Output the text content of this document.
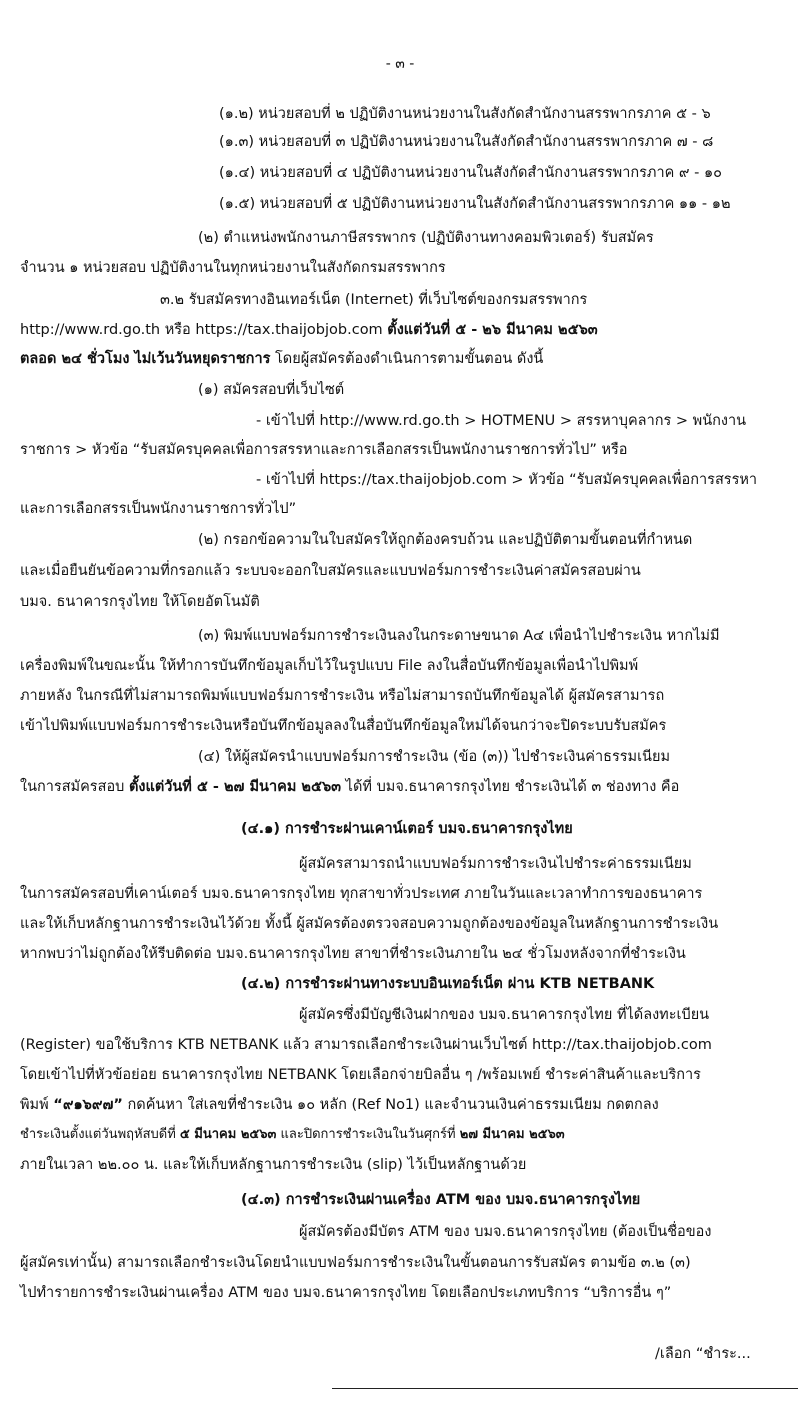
- ๓ -
(๑.๒) หน่วยสอบที่ ๒ ปฏิบัติงานหน่วยงานในสังกัดสำนักงานสรรพากรภาค ๕ - ๖
(๑.๓) หน่วยสอบที่ ๓ ปฏิบัติงานหน่วยงานในสังกัดสำนักงานสรรพากรภาค ๗ - ๘
(๑.๔) หน่วยสอบที่ ๔ ปฏิบัติงานหน่วยงานในสังกัดสำนักงานสรรพากรภาค ๙ - ๑๐
(๑.๕) หน่วยสอบที่ ๕ ปฏิบัติงานหน่วยงานในสังกัดสำนักงานสรรพากรภาค ๑๑ - ๑๒
(๒) ตำแหน่งพนักงานภาษีสรรพากร (ปฏิบัติงานทางคอมพิวเตอร์) รับสมัคร
จำนวน ๑ หน่วยสอบ ปฏิบัติงานในทุกหน่วยงานในสังกัดกรมสรรพากร
๓.๒ รับสมัครทางอินเทอร์เน็ต (Internet) ที่เว็บไซต์ของกรมสรรพากร
http://www.rd.go.th หรือ https://tax.thaijobjob.com ตั้งแต่วันที่ ๕ - ๒๖ มีนาคม ๒๕๖๓
ตลอด ๒๔ ชั่วโมง ไม่เว้นวันหยุดราชการ โดยผู้สมัครต้องดำเนินการตามขั้นตอน ดังนี้
(๑) สมัครสอบที่เว็บไซต์
- เข้าไปที่ http://www.rd.go.th > HOTMENU > สรรหาบุคลากร > พนักงาน
ราชการ > หัวข้อ “รับสมัครบุคคลเพื่อการสรรหาและการเลือกสรรเป็นพนักงานราชการทั่วไป” หรือ
- เข้าไปที่ https://tax.thaijobjob.com > หัวข้อ “รับสมัครบุคคลเพื่อการสรรหา
และการเลือกสรรเป็นพนักงานราชการทั่วไป”
(๒) กรอกข้อความในใบสมัครให้ถูกต้องครบถ้วน และปฏิบัติตามขั้นตอนที่กำหนด
และเมื่อยืนยันข้อความที่กรอกแล้ว ระบบจะออกใบสมัครและแบบฟอร์มการชำระเงินค่าสมัครสอบผ่าน
บมจ. ธนาคารกรุงไทย ให้โดยอัตโนมัติ
(๓) พิมพ์แบบฟอร์มการชำระเงินลงในกระดาษขนาด A๔ เพื่อนำไปชำระเงิน หากไม่มี
เครื่องพิมพ์ในขณะนั้น ให้ทำการบันทึกข้อมูลเก็บไว้ในรูปแบบ File ลงในสื่อบันทึกข้อมูลเพื่อนำไปพิมพ์
ภายหลัง ในกรณีที่ไม่สามารถพิมพ์แบบฟอร์มการชำระเงิน หรือไม่สามารถบันทึกข้อมูลได้ ผู้สมัครสามารถ
เข้าไปพิมพ์แบบฟอร์มการชำระเงินหรือบันทึกข้อมูลลงในสื่อบันทึกข้อมูลใหม่ได้จนกว่าจะปิดระบบรับสมัคร
(๔) ให้ผู้สมัครนำแบบฟอร์มการชำระเงิน (ข้อ (๓)) ไปชำระเงินค่าธรรมเนียม
ในการสมัครสอบ ตั้งแต่วันที่ ๕ - ๒๗ มีนาคม ๒๕๖๓ ได้ที่ บมจ.ธนาคารกรุงไทย ชำระเงินได้ ๓ ช่องทาง คือ
(๔.๑) การชำระผ่านเคาน์เตอร์ บมจ.ธนาคารกรุงไทย
ผู้สมัครสามารถนำแบบฟอร์มการชำระเงินไปชำระค่าธรรมเนียม
ในการสมัครสอบที่เคาน์เตอร์ บมจ.ธนาคารกรุงไทย ทุกสาขาทั่วประเทศ ภายในวันและเวลาทำการของธนาคาร
และให้เก็บหลักฐานการชำระเงินไว้ด้วย ทั้งนี้ ผู้สมัครต้องตรวจสอบความถูกต้องของข้อมูลในหลักฐานการชำระเงิน
หากพบว่าไม่ถูกต้องให้รีบติดต่อ บมจ.ธนาคารกรุงไทย สาขาที่ชำระเงินภายใน ๒๔ ชั่วโมงหลังจากที่ชำระเงิน
(๔.๒) การชำระผ่านทางระบบอินเทอร์เน็ต ผ่าน KTB NETBANK
ผู้สมัครซึ่งมีบัญชีเงินฝากของ บมจ.ธนาคารกรุงไทย ที่ได้ลงทะเบียน
(Register) ขอใช้บริการ KTB NETBANK แล้ว สามารถเลือกชำระเงินผ่านเว็บไซต์ http://tax.thaijobjob.com
โดยเข้าไปที่หัวข้อย่อย ธนาคารกรุงไทย NETBANK โดยเลือกจ่ายบิลอื่น ๆ /พร้อมเพย์ ชำระค่าสินค้าและบริการ
พิมพ์ “๙๑๖๙๗” กดค้นหา ใส่เลขที่ชำระเงิน ๑๐ หลัก (Ref No1) และจำนวนเงินค่าธรรมเนียม กดตกลง
ชำระเงินตั้งแต่วันพฤหัสบดีที่ ๕ มีนาคม ๒๕๖๓ และปิดการชำระเงินในวันศุกร์ที่ ๒๗ มีนาคม ๒๕๖๓
ภายในเวลา ๒๒.๐๐ น. และให้เก็บหลักฐานการชำระเงิน (slip) ไว้เป็นหลักฐานด้วย
(๔.๓) การชำระเงินผ่านเครื่อง ATM ของ บมจ.ธนาคารกรุงไทย
ผู้สมัครต้องมีบัตร ATM ของ บมจ.ธนาคารกรุงไทย (ต้องเป็นชื่อของ
ผู้สมัครเท่านั้น) สามารถเลือกชำระเงินโดยนำแบบฟอร์มการชำระเงินในขั้นตอนการรับสมัคร ตามข้อ ๓.๒ (๓)
ไปทำรายการชำระเงินผ่านเครื่อง ATM ของ บมจ.ธนาคารกรุงไทย โดยเลือกประเภทบริการ “บริการอื่น ๆ”
/เลือก “ชำระ...
